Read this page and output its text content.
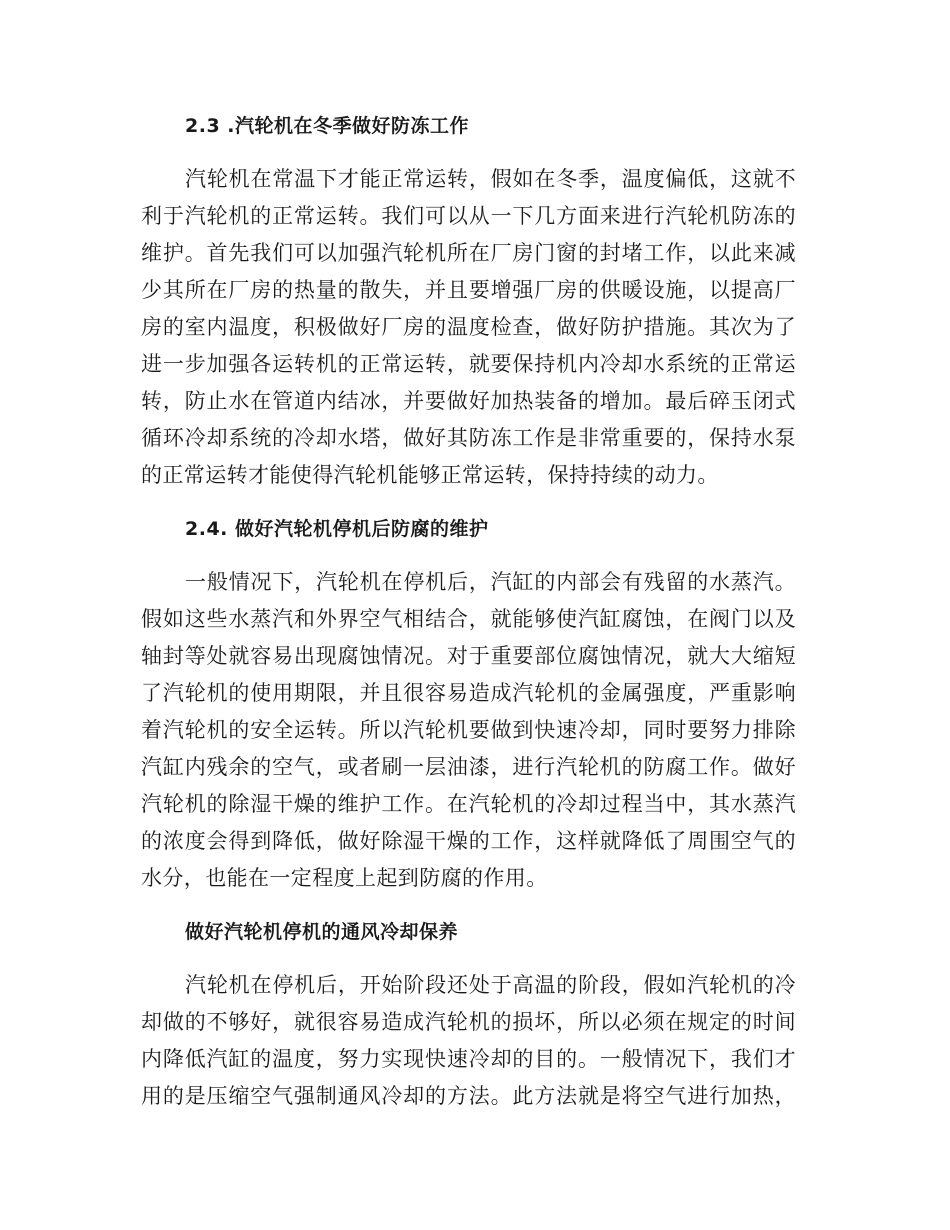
2.3 .汽轮机在冬季做好防冻工作
汽轮机在常温下才能正常运转，假如在冬季，温度偏低，这就不
利于汽轮机的正常运转。我们可以从一下几方面来进行汽轮机防冻的
维护。首先我们可以加强汽轮机所在厂房门窗的封堵工作，以此来减
少其所在厂房的热量的散失，并且要增强厂房的供暖设施，以提高厂
房的室内温度，积极做好厂房的温度检查，做好防护措施。其次为了
进一步加强各运转机的正常运转，就要保持机内冷却水系统的正常运
转，防止水在管道内结冰，并要做好加热装备的增加。最后碎玉闭式
循环冷却系统的冷却水塔，做好其防冻工作是非常重要的，保持水泵
的正常运转才能使得汽轮机能够正常运转，保持持续的动力。
2.4. 做好汽轮机停机后防腐的维护
一般情况下，汽轮机在停机后，汽缸的内部会有残留的水蒸汽。
假如这些水蒸汽和外界空气相结合，就能够使汽缸腐蚀，在阀门以及
轴封等处就容易出现腐蚀情况。对于重要部位腐蚀情况，就大大缩短
了汽轮机的使用期限，并且很容易造成汽轮机的金属强度，严重影响
着汽轮机的安全运转。所以汽轮机要做到快速冷却，同时要努力排除
汽缸内残余的空气，或者刷一层油漆，进行汽轮机的防腐工作。做好
汽轮机的除湿干燥的维护工作。在汽轮机的冷却过程当中，其水蒸汽
的浓度会得到降低，做好除湿干燥的工作，这样就降低了周围空气的
水分，也能在一定程度上起到防腐的作用。
做好汽轮机停机的通风冷却保养
汽轮机在停机后，开始阶段还处于高温的阶段，假如汽轮机的冷
却做的不够好，就很容易造成汽轮机的损坏，所以必须在规定的时间
内降低汽缸的温度，努力实现快速冷却的目的。一般情况下，我们才
用的是压缩空气强制通风冷却的方法。此方法就是将空气进行加热，
